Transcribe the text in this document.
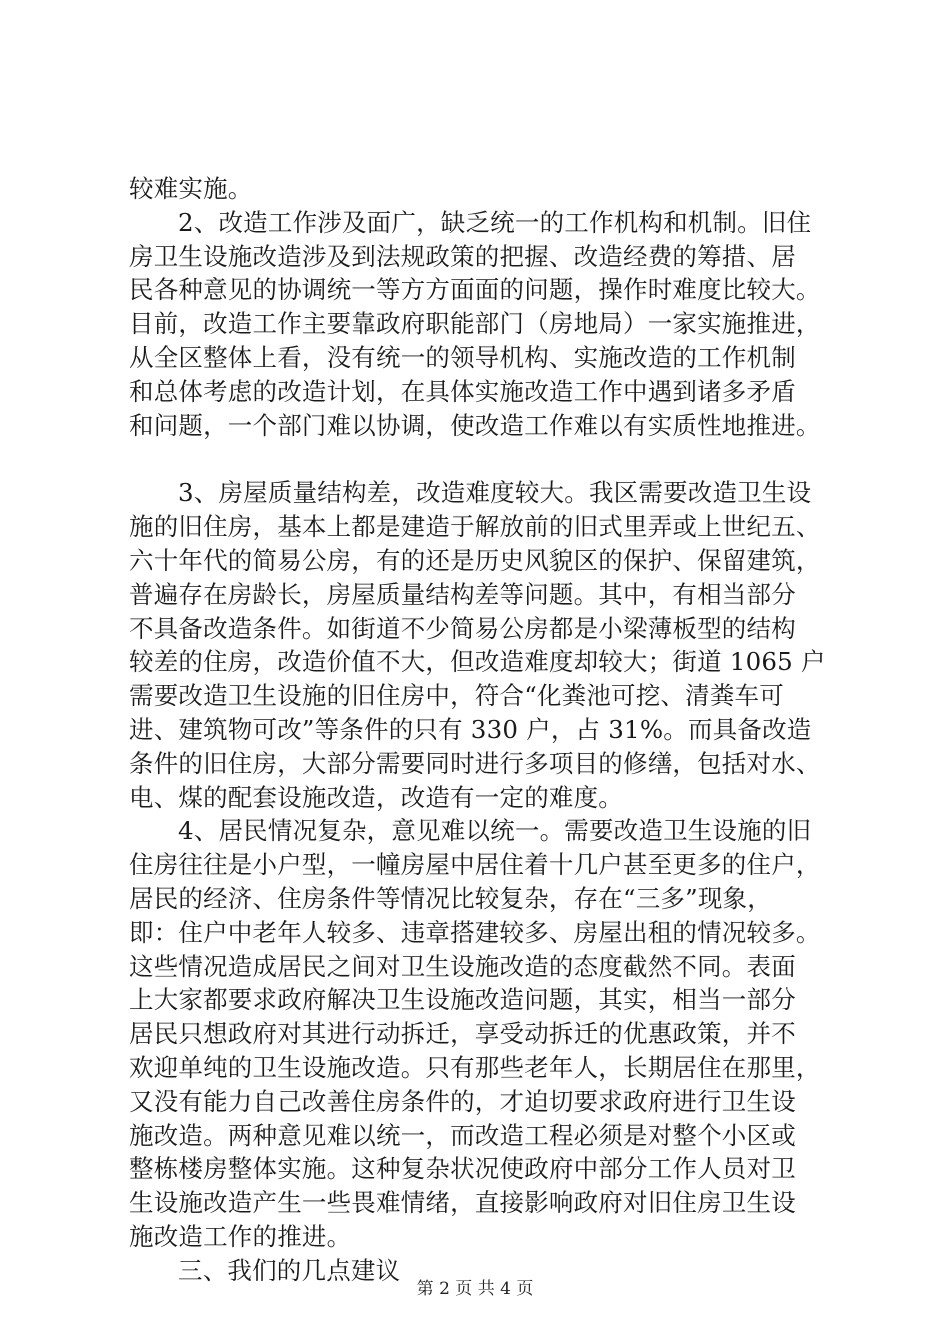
较难实施。
2、改造工作涉及面广，缺乏统一的工作机构和机制。旧住
房卫生设施改造涉及到法规政策的把握、改造经费的筹措、居
民各种意见的协调统一等方方面面的问题，操作时难度比较大。
目前，改造工作主要靠政府职能部门（房地局）一家实施推进，
从全区整体上看，没有统一的领导机构、实施改造的工作机制
和总体考虑的改造计划，在具体实施改造工作中遇到诸多矛盾
和问题，一个部门难以协调，使改造工作难以有实质性地推进。
3、房屋质量结构差，改造难度较大。我区需要改造卫生设
施的旧住房，基本上都是建造于解放前的旧式里弄或上世纪五、
六十年代的简易公房，有的还是历史风貌区的保护、保留建筑，
普遍存在房龄长，房屋质量结构差等问题。其中，有相当部分
不具备改造条件。如街道不少简易公房都是小梁薄板型的结构
较差的住房，改造价值不大，但改造难度却较大；街道 1065 户
需要改造卫生设施的旧住房中，符合“化粪池可挖、清粪车可
进、建筑物可改”等条件的只有 330 户，占 31%。而具备改造
条件的旧住房，大部分需要同时进行多项目的修缮，包括对水、
电、煤的配套设施改造，改造有一定的难度。
4、居民情况复杂，意见难以统一。需要改造卫生设施的旧
住房往往是小户型，一幢房屋中居住着十几户甚至更多的住户，
居民的经济、住房条件等情况比较复杂，存在“三多”现象，
即：住户中老年人较多、违章搭建较多、房屋出租的情况较多。
这些情况造成居民之间对卫生设施改造的态度截然不同。表面
上大家都要求政府解决卫生设施改造问题，其实，相当一部分
居民只想政府对其进行动拆迁，享受动拆迁的优惠政策，并不
欢迎单纯的卫生设施改造。只有那些老年人，长期居住在那里，
又没有能力自己改善住房条件的，才迫切要求政府进行卫生设
施改造。两种意见难以统一，而改造工程必须是对整个小区或
整栋楼房整体实施。这种复杂状况使政府中部分工作人员对卫
生设施改造产生一些畏难情绪，直接影响政府对旧住房卫生设
施改造工作的推进。
三、我们的几点建议
第 2 页 共 4 页
